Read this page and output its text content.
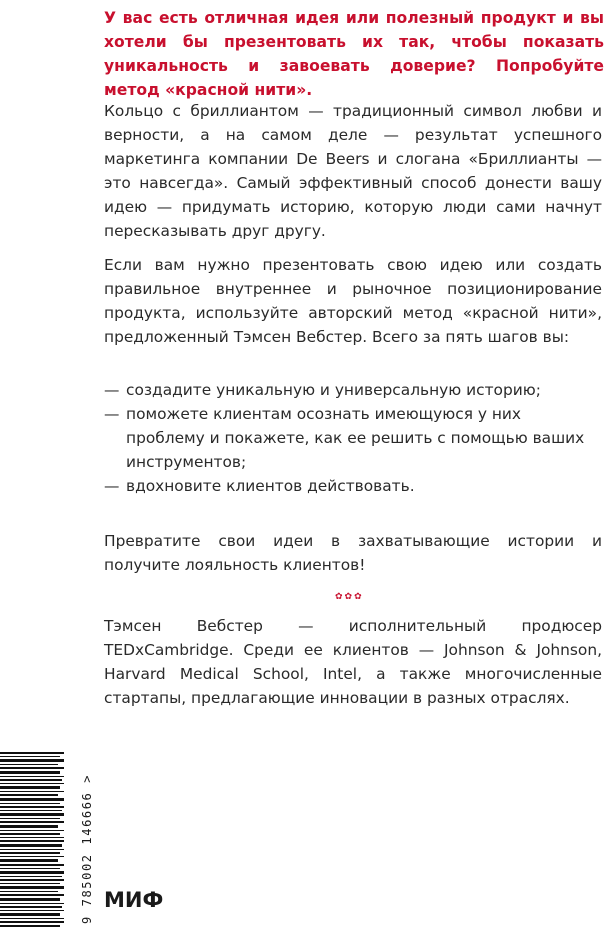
У вас есть отличная идея или полезный продукт и вы хотели бы презентовать их так, чтобы показать уникальность и завоевать доверие? Попробуйте метод «красной нити».

Кольцо с бриллиантом — традиционный символ любви и верности, а на самом деле — результат успешного маркетинга компании De Beers и слогана «Бриллианты — это навсегда». Самый эффективный способ донести вашу идею — придумать историю, которую люди сами начнут пересказывать друг другу.

Если вам нужно презентовать свою идею или создать правильное внутреннее и рыночное позиционирование продукта, используйте авторский метод «красной нити», предложенный Тэмсен Вебстер. Всего за пять шагов вы:

— создадите уникальную и универсальную историю;
— поможете клиентам осознать имеющуюся у них проблему и покажете, как ее решить с помощью ваших инструментов;
— вдохновите клиентов действовать.

Превратите свои идеи в захватывающие истории и получите лояльность клиентов!

✿✿✿

Тэмсен Вебстер — исполнительный продюсер TEDxCambridge. Среди ее клиентов — Johnson & Johnson, Harvard Medical School, Intel, а также многочисленные стартапы, предлагающие инновации в разных отраслях.

9 785002 146666 > МИФ
